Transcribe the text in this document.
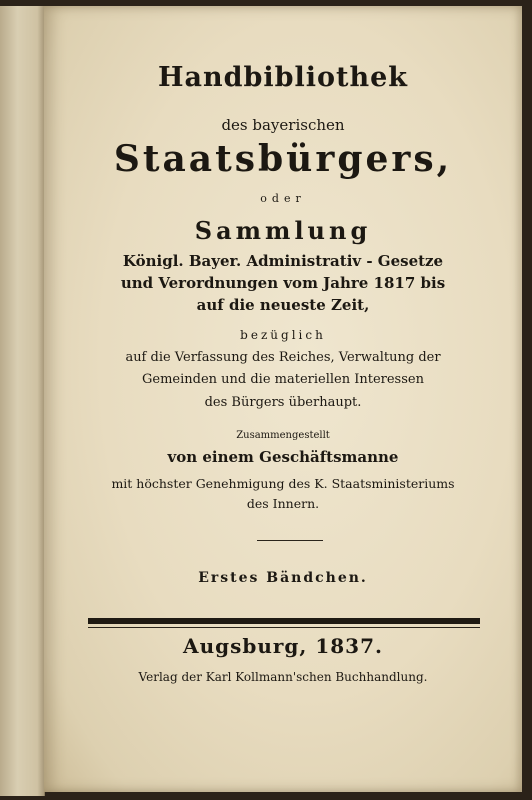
Handbibliothek
des bayerischen
Staatsbürgers,
oder
Sammlung
Königl. Bayer. Administrativ - Gesetze
und Verordnungen vom Jahre 1817 bis
auf die neueste Zeit,
bezüglich
auf die Verfassung des Reiches, Verwaltung der
Gemeinden und die materiellen Interessen
des Bürgers überhaupt.
Zusammengestellt
von einem Geschäftsmanne
mit höchster Genehmigung des K. Staatsministeriums
des Innern.
Erstes Bändchen.
Augsburg, 1837.
Verlag der Karl Kollmann'schen Buchhandlung.
